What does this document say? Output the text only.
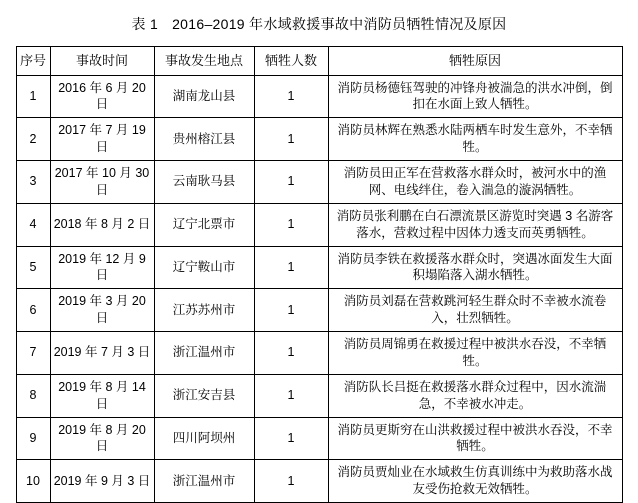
表 1 2016–2019 年水域救援事故中消防员牺牲情况及原因
序号	事故时间	事故发生地点	牺牲人数	牺牲原因
1	2016 年 6 月 20 日	湖南龙山县	1	消防员杨德钰驾驶的冲锋舟被湍急的洪水冲倒，倒扣在水面上致人牺牲。
2	2017 年 7 月 19 日	贵州榕江县	1	消防员林辉在熟悉水陆两栖车时发生意外，不幸牺牲。
3	2017 年 10 月 30 日	云南耿马县	1	消防员田正军在营救落水群众时，被河水中的渔网、电线绊住，卷入湍急的漩涡牺牲。
4	2018 年 8 月 2 日	辽宁北票市	1	消防员张利鹏在白石漂流景区游览时突遇 3 名游客落水，营救过程中因体力透支而英勇牺牲。
5	2019 年 12 月 9 日	辽宁鞍山市	1	消防员李铁在救援落水群众时，突遇冰面发生大面积塌陷落入湖水牺牲。
6	2019 年 3 月 20 日	江苏苏州市	1	消防员刘磊在营救跳河轻生群众时不幸被水流卷入，壮烈牺牲。
7	2019 年 7 月 3 日	浙江温州市	1	消防员周锦勇在救援过程中被洪水吞没，不幸牺牲。
8	2019 年 8 月 14 日	浙江安吉县	1	消防队长吕挺在救援落水群众过程中，因水流湍急，不幸被水冲走。
9	2019 年 8 月 20 日	四川阿坝州	1	消防员更斯穷在山洪救援过程中被洪水吞没，不幸牺牲。
10	2019 年 9 月 3 日	浙江温州市	1	消防员贾灿业在水域救生仿真训练中为救助落水战友受伤抢救无效牺牲。
